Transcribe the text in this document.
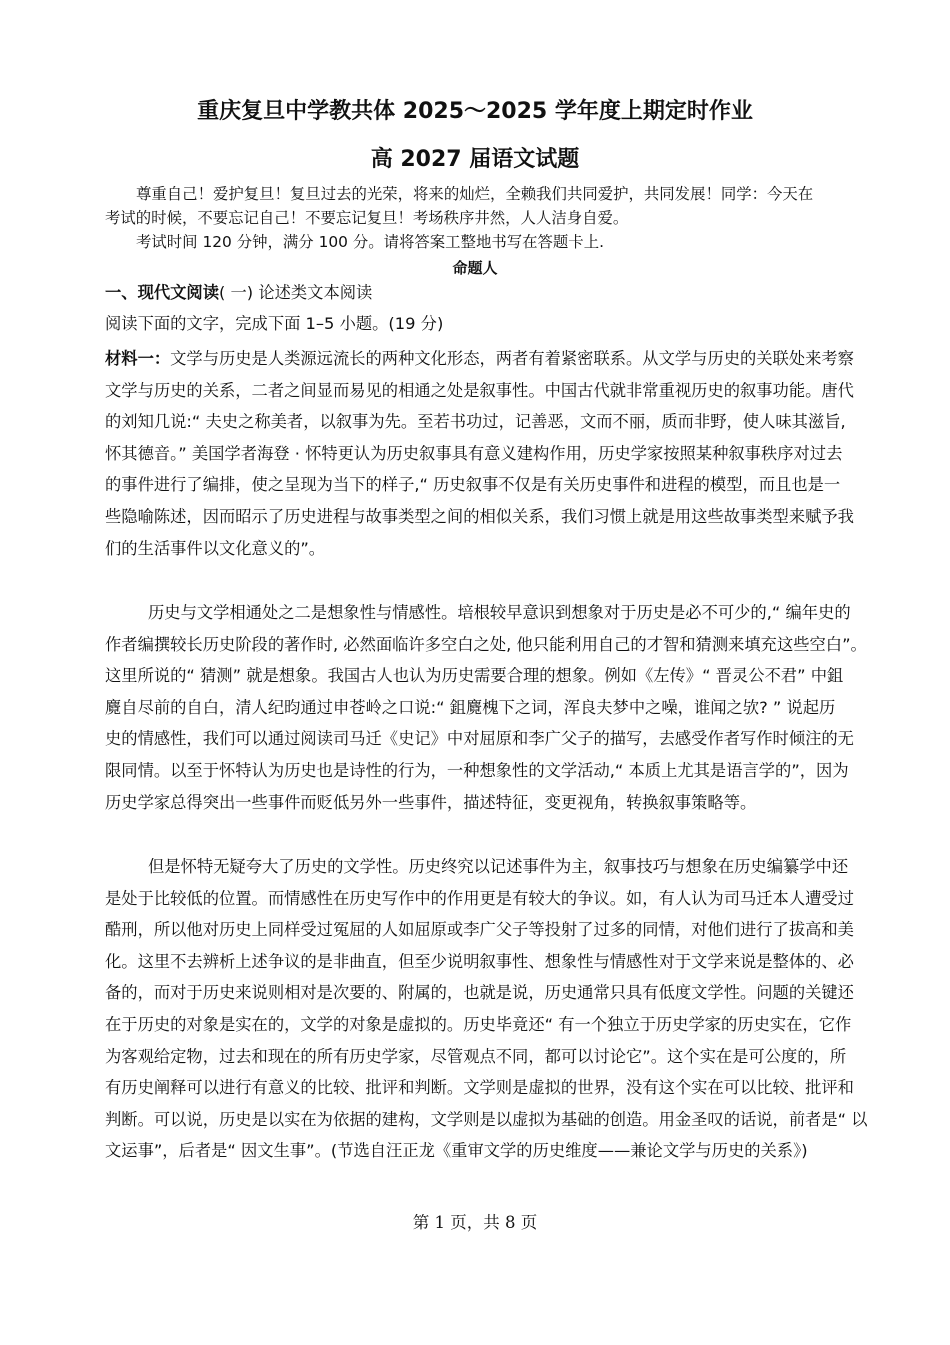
重庆复旦中学教共体 2025～2025 学年度上期定时作业
高 2027 届语文试题
尊重自己！爱护复旦！复旦过去的光荣，将来的灿烂，全赖我们共同爱护，共同发展！同学：今天在
考试的时候，不要忘记自己！不要忘记复旦！考场秩序井然，人人洁身自爱。
考试时间 120 分钟，满分 100 分。请将答案工整地书写在答题卡上.
命题人
一、现代文阅读( 一) 论述类文本阅读
阅读下面的文字，完成下面 1–5 小题。(19 分)
材料一：文学与历史是人类源远流长的两种文化形态，两者有着紧密联系。从文学与历史的关联处来考察
文学与历史的关系，二者之间显而易见的相通之处是叙事性。中国古代就非常重视历史的叙事功能。唐代
的刘知几说:“ 夫史之称美者，以叙事为先。至若书功过，记善恶，文而不丽，质而非野，使人味其滋旨,
怀其德音。” 美国学者海登 · 怀特更认为历史叙事具有意义建构作用，历史学家按照某种叙事秩序对过去
的事件进行了编排，使之呈现为当下的样子,“ 历史叙事不仅是有关历史事件和进程的模型，而且也是一
些隐喻陈述，因而昭示了历史进程与故事类型之间的相似关系，我们习惯上就是用这些故事类型来赋予我
们的生活事件以文化意义的”。
历史与文学相通处之二是想象性与情感性。培根较早意识到想象对于历史是必不可少的,“ 编年史的
作者编撰较长历史阶段的著作时, 必然面临许多空白之处, 他只能利用自己的才智和猜测来填充这些空白”。
这里所说的“ 猜测” 就是想象。我国古人也认为历史需要合理的想象。例如《左传》“ 晋灵公不君” 中鉏
麑自尽前的自白，清人纪昀通过申苍岭之口说:“ 鉏麑槐下之词，浑良夫梦中之噪，谁闻之欤? ” 说起历
史的情感性，我们可以通过阅读司马迁《史记》中对屈原和李广父子的描写，去感受作者写作时倾注的无
限同情。以至于怀特认为历史也是诗性的行为，一种想象性的文学活动,“ 本质上尤其是语言学的”，因为
历史学家总得突出一些事件而贬低另外一些事件，描述特征，变更视角，转换叙事策略等。
但是怀特无疑夸大了历史的文学性。历史终究以记述事件为主，叙事技巧与想象在历史编纂学中还
是处于比较低的位置。而情感性在历史写作中的作用更是有较大的争议。如，有人认为司马迁本人遭受过
酷刑，所以他对历史上同样受过冤屈的人如屈原或李广父子等投射了过多的同情，对他们进行了拔高和美
化。这里不去辨析上述争议的是非曲直，但至少说明叙事性、想象性与情感性对于文学来说是整体的、必
备的，而对于历史来说则相对是次要的、附属的，也就是说，历史通常只具有低度文学性。问题的关键还
在于历史的对象是实在的，文学的对象是虚拟的。历史毕竟还“ 有一个独立于历史学家的历史实在，它作
为客观给定物，过去和现在的所有历史学家，尽管观点不同，都可以讨论它”。这个实在是可公度的，所
有历史阐释可以进行有意义的比较、批评和判断。文学则是虚拟的世界，没有这个实在可以比较、批评和
判断。可以说，历史是以实在为依据的建构，文学则是以虚拟为基础的创造。用金圣叹的话说，前者是“ 以
文运事”，后者是“ 因文生事”。(节选自汪正龙《重审文学的历史维度——兼论文学与历史的关系》)
第 1 页，共 8 页
